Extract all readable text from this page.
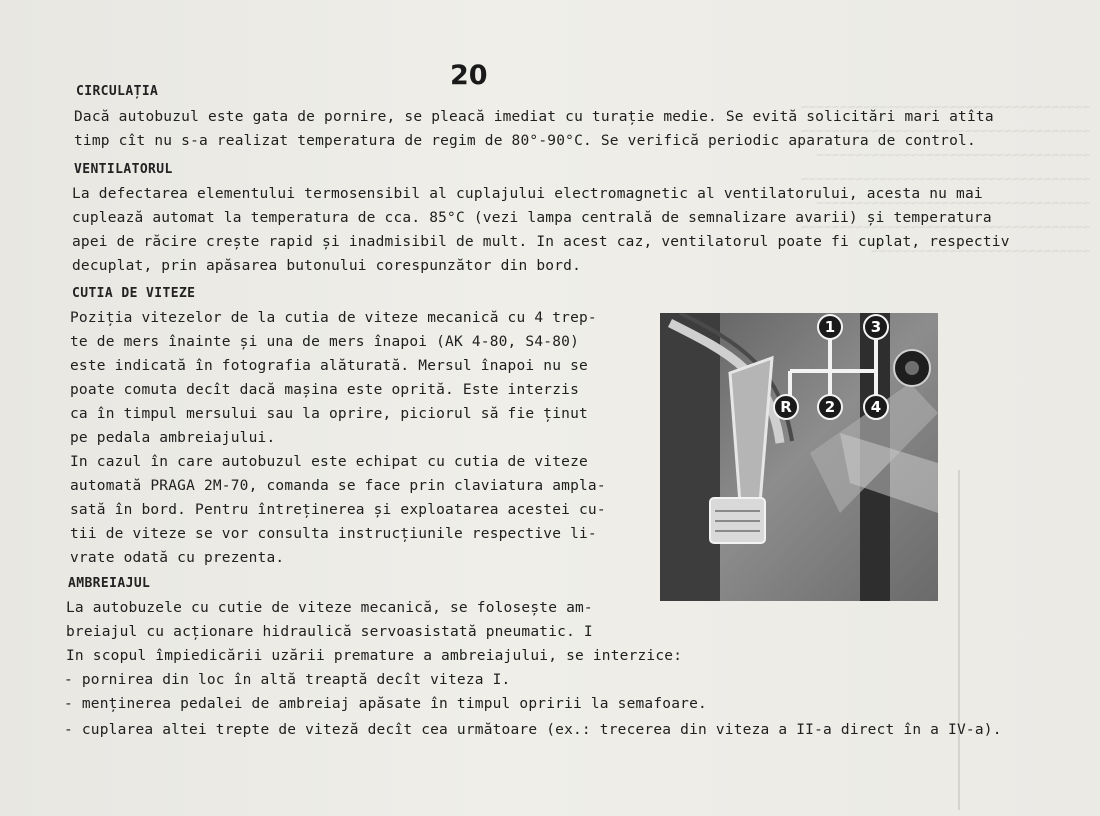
~~~~~~~~~~~~~~~~~~~~~~~~~~~~~~~~~~~~~
~~~~~~~~~~~~~~~~~~~~~~~~~~~~~~~~~~~~~
~~~~~~~~~~~~~~~~~~~~~~~~~~~~~~~~~~~
~~~~~~~~~~~~~~~~~~~~~~~~~~~~~~~~~~~~~
~~~~~~~~~~~~~~~~~~~~~~~~~~~~~~~~~~~
~~~~~~~~~~~~~~~~~~~~~~~~~~~~~~~~~~~~~
~~~~~~~~~~~~~~~~~~~~~~~~~~~~
20
CIRCULAȚIA
Dacă autobuzul este gata de pornire, se pleacă imediat cu turație medie. Se evită solicitări mari atîta
timp cît nu s-a realizat temperatura de regim de 80°-90°C. Se verifică periodic aparatura de control.
VENTILATORUL
La defectarea elementului termosensibil al cuplajului electromagnetic al ventilatorului, acesta nu mai
cuplează automat la temperatura de cca. 85°C (vezi lampa centrală de semnalizare avarii) și temperatura
apei de răcire crește rapid și inadmisibil de mult. In acest caz, ventilatorul poate fi cuplat, respectiv
decuplat, prin apăsarea butonului corespunzător din bord.
CUTIA DE VITEZE
Poziția vitezelor de la cutia de viteze mecanică cu 4 trep-
te de mers înainte și una de mers înapoi (AK 4-80, S4-80)
este indicată în fotografia alăturată. Mersul înapoi nu se
poate comuta decît dacă mașina este oprită. Este interzis
ca în timpul mersului sau la oprire, piciorul să fie ținut
pe pedala ambreiajului.
In cazul în care autobuzul este echipat cu cutia de viteze
automată PRAGA 2M-70, comanda se face prin claviatura ampla-
sată în bord. Pentru întreținerea și exploatarea acestei cu-
tii de viteze se vor consulta instrucțiunile respective li-
vrate odată cu prezenta.
AMBREIAJUL
La autobuzele cu cutie de viteze mecanică, se folosește am-
breiajul cu acționare hidraulică servoasistată pneumatic. I
In scopul împiedicării uzării premature a ambreiajului, se interzice:
- pornirea din loc în altă treaptă decît viteza I.
- menținerea pedalei de ambreiaj apăsate în timpul opririi la semafoare.
- cuplarea altei trepte de viteză decît cea următoare (ex.: trecerea din viteza a II-a direct în a IV-a).
1 3
R 2 4
